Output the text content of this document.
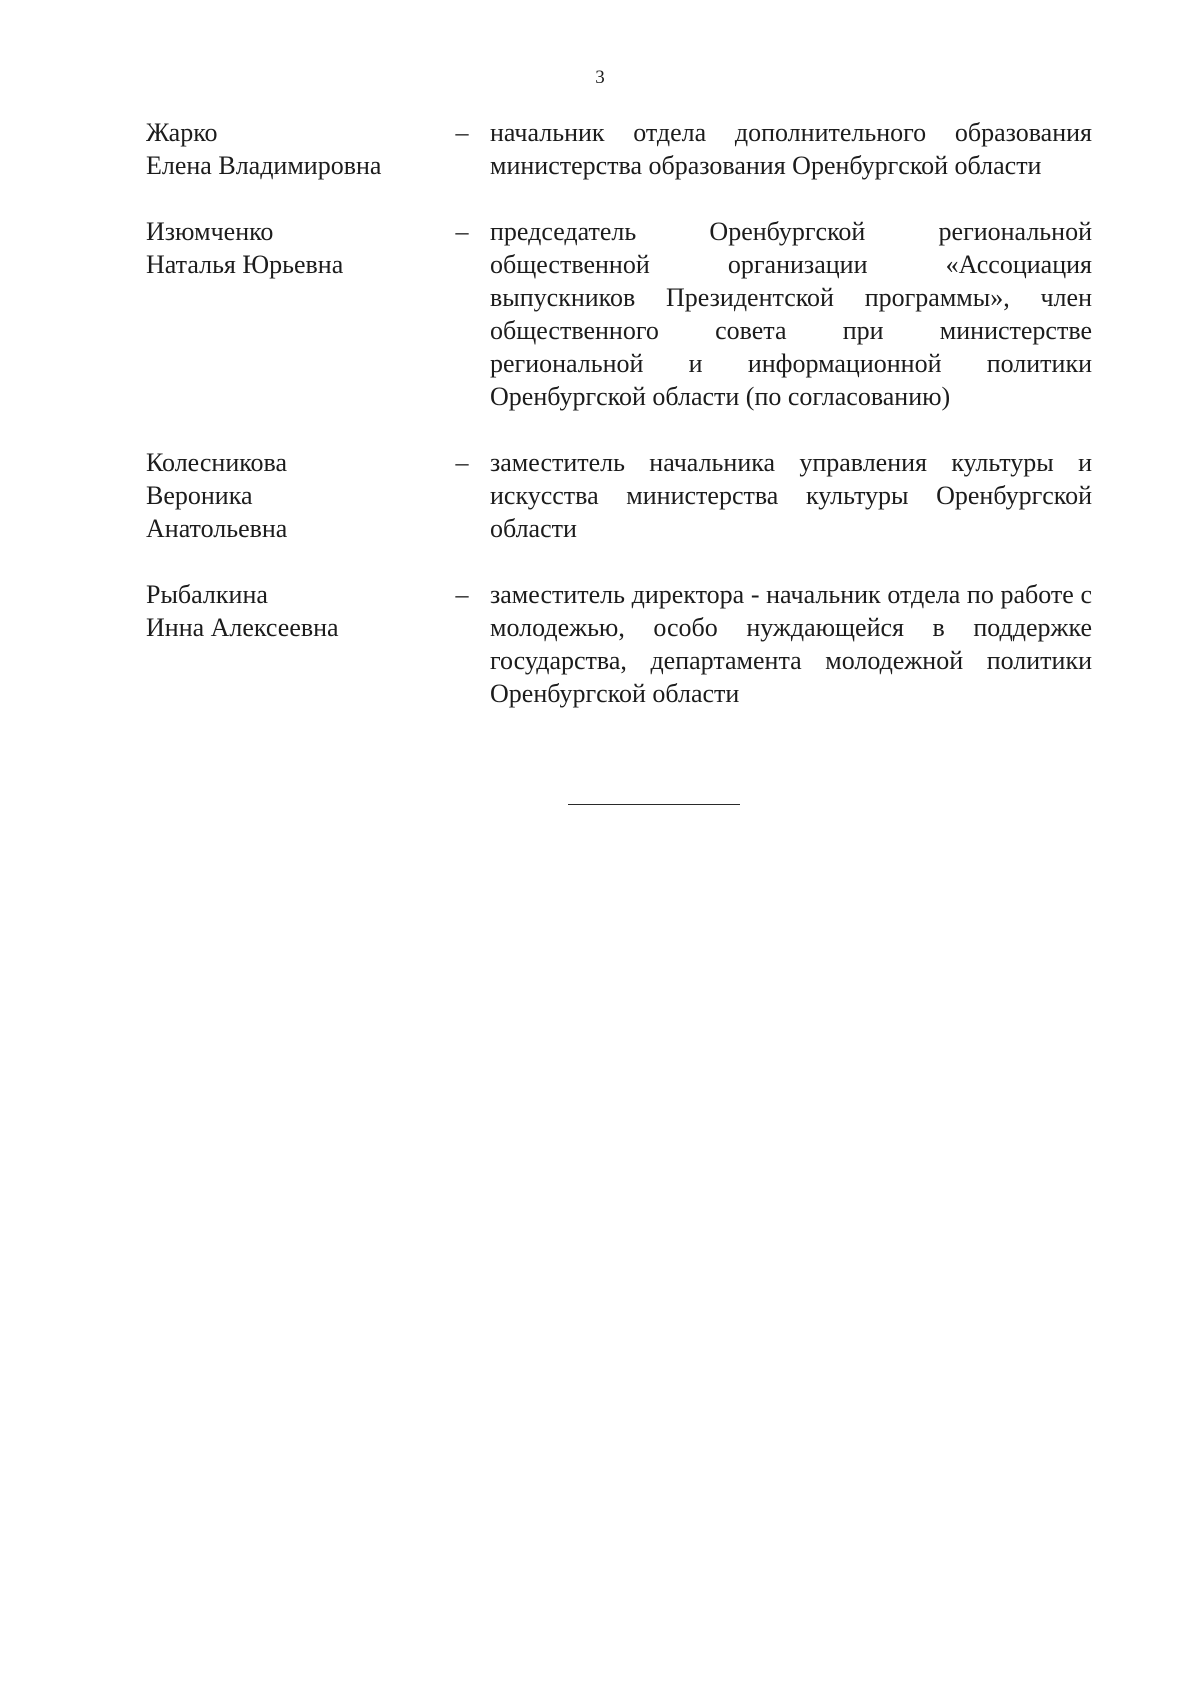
3
Жарко
Елена Владимировна
– начальник отдела дополнительного образования министерства образования Оренбургской области
Изюмченко
Наталья Юрьевна
– председатель Оренбургской региональной общественной организации «Ассоциация выпускников Президентской программы», член общественного совета при министерстве региональной и информационной политики Оренбургской области (по согласованию)
Колесникова
Вероника
Анатольевна
– заместитель начальника управления культуры и искусства министерства культуры Оренбургской области
Рыбалкина
Инна Алексеевна
– заместитель директора - начальник отдела по работе с молодежью, особо нуждающейся в поддержке государства, департамента молодежной политики Оренбургской области
